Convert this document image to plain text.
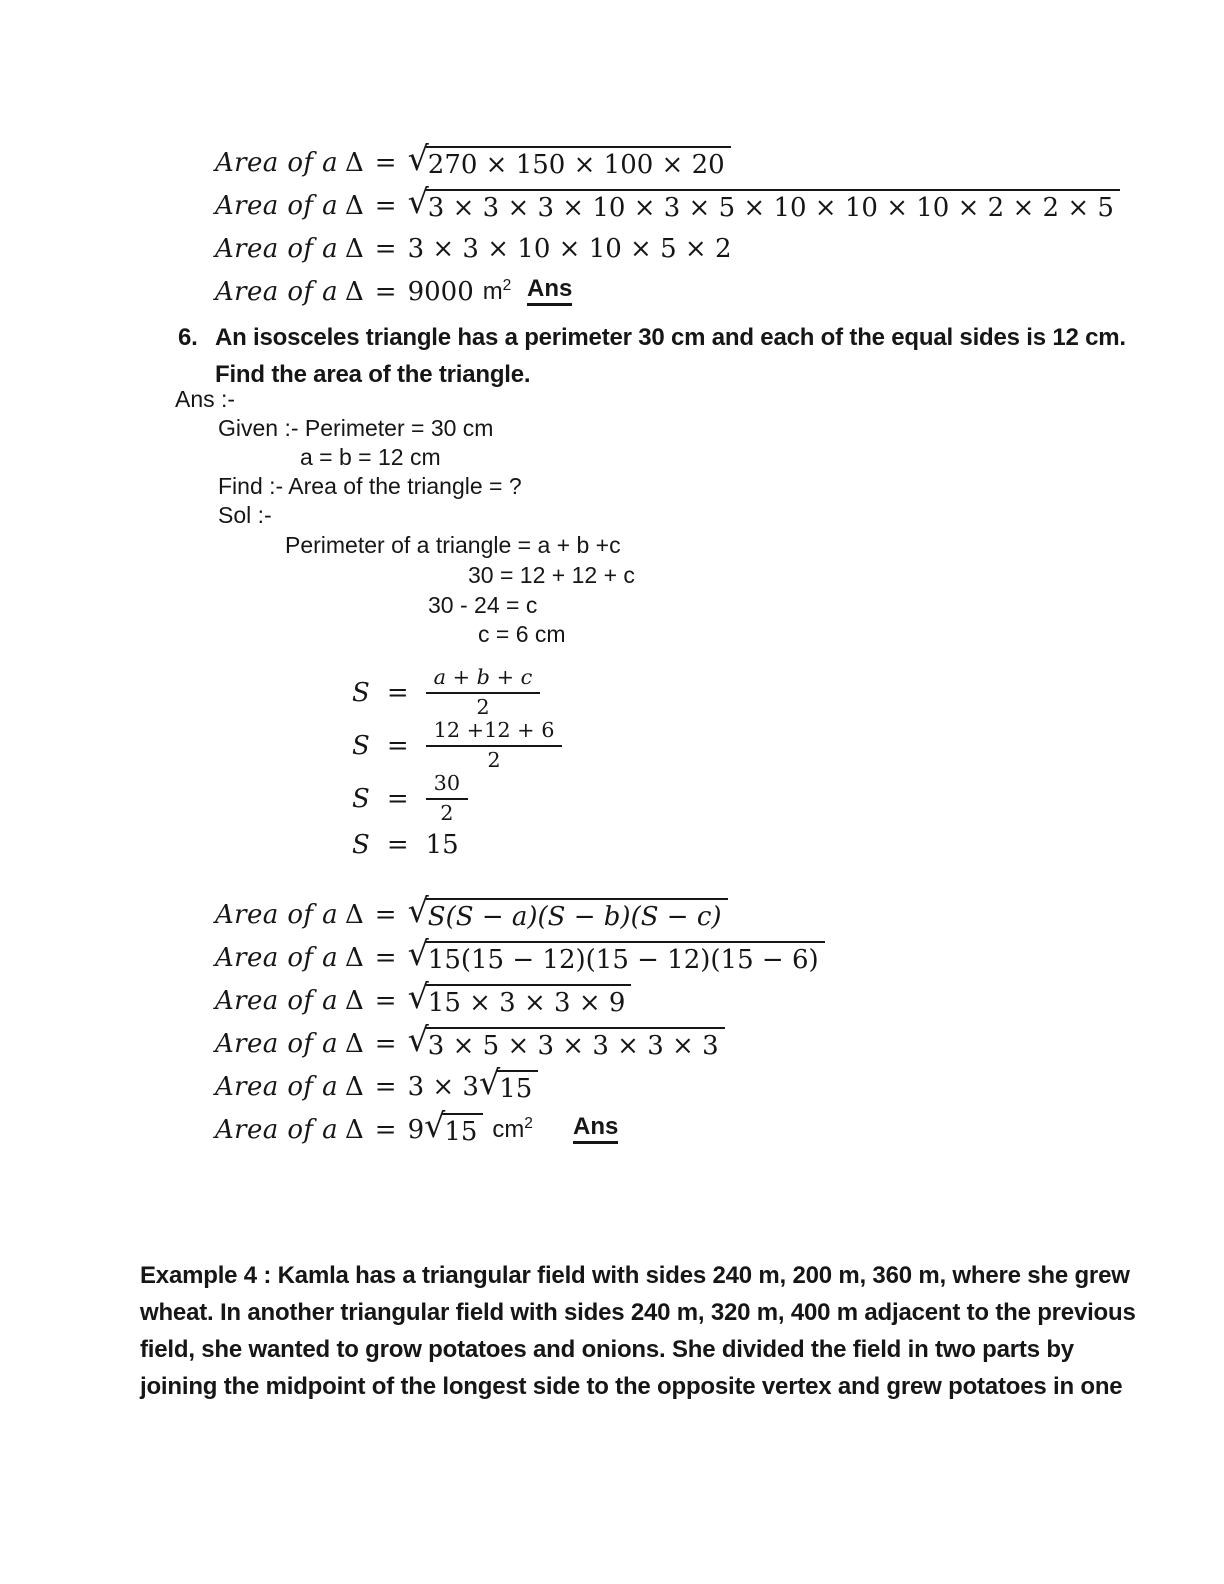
Area of a Δ = √ 270 × 150 × 100 × 20
Area of a Δ = √ 3 × 3 × 3 × 10 × 3 × 5 × 10 × 10 × 10 × 2 × 2 × 5
Area of a Δ = 3 × 3 × 10 × 10 × 5 × 2
Area of a Δ = 9000 $m^2$ Ans
6. An isosceles triangle has a perimeter 30 cm and each of the equal sides is 12 cm.
Find the area of the triangle.
Ans :-
Given :- Perimeter = 30 cm
a = b = 12 cm
Find :- Area of the triangle = ?
Sol :-
Perimeter of a triangle = a + b +c
30 = 12 + 12 + c
30 - 24 = c
c = 6 cm
$S = \frac{a + b + c}{2}$
$S = \frac{12 +12 + 6}{2}$
$S = \frac{30}{2}$
S = 15
Area of a Δ = √ S(S − a)(S − b)(S − c)
Area of a Δ = √ 15(15 − 12)(15 − 12)(15 − 6)
Area of a Δ = √ 15 × 3 × 3 × 9
Area of a Δ = √ 3 × 5 × 3 × 3 × 3 × 3
Area of a Δ = 3 × 3 √ 15
Area of a Δ = 9 √ 15 $cm^2$ Ans
Example 4 : Kamla has a triangular field with sides 240 m, 200 m, 360 m, where she grew
wheat. In another triangular field with sides 240 m, 320 m, 400 m adjacent to the previous
field, she wanted to grow potatoes and onions. She divided the field in two parts by
joining the midpoint of the longest side to the opposite vertex and grew potatoes in one
